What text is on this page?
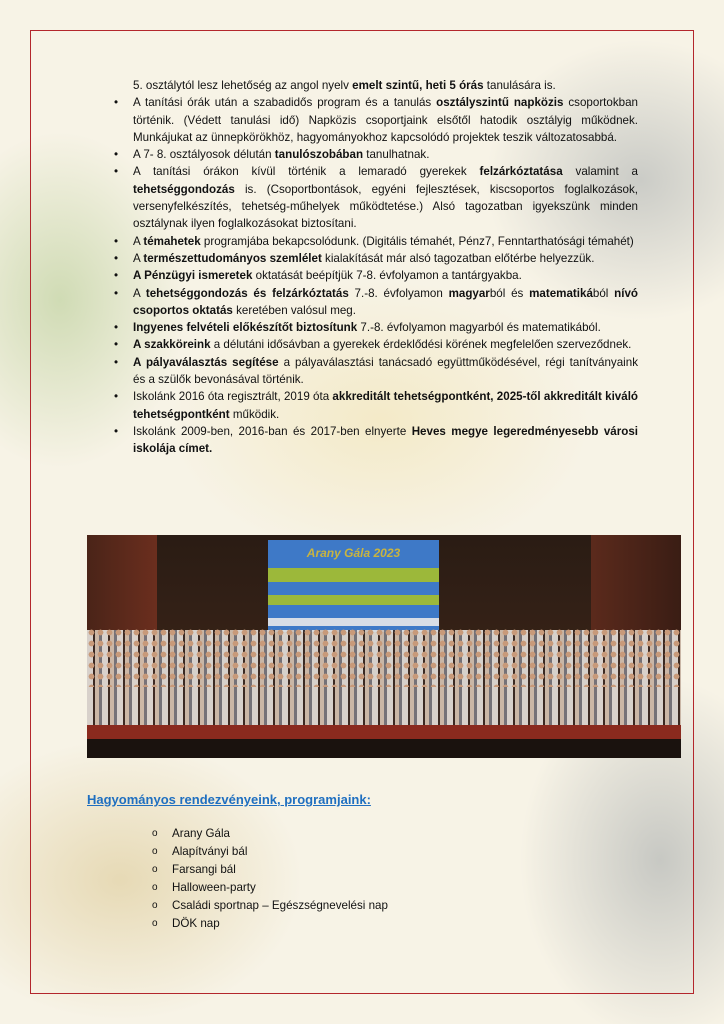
5. osztálytól lesz lehetőség az angol nyelv emelt szintű, heti 5 órás tanulására is.

• A tanítási órák után a szabadidős program és a tanulás osztályszintű napközis csoportokban történik. (Védett tanulási idő) Napközis csoportjaink elsőtől hatodik osztályig működnek. Munkájukat az ünnepkörökhöz, hagyományokhoz kapcsolódó projektek teszik változatosabbá.
• A 7- 8. osztályosok délután tanulószobában tanulhatnak.
• A tanítási órákon kívül történik a lemaradó gyerekek felzárkóztatása valamint a tehetséggondozás is. (Csoportbontások, egyéni fejlesztések, kiscsoportos foglalkozások, versenyfelkészítés, tehetség-műhelyek működtetése.) Alsó tagozatban igyekszünk minden osztálynak ilyen foglalkozásokat biztosítani.
• A témahetek programjába bekapcsolódunk. (Digitális témahét, Pénz7, Fenntarthatósági témahét)
• A természettudományos szemlélet kialakítását már alsó tagozatban előtérbe helyezzük.
• A Pénzügyi ismeretek oktatását beépítjük 7-8. évfolyamon a tantárgyakba.
• A tehetséggondozás és felzárkóztatás 7.-8. évfolyamon magyarból és matematikából nívó csoportos oktatás keretében valósul meg.
• Ingyenes felvételi előkészítőt biztosítunk 7.-8. évfolyamon magyarból és matematikából.
• A szakköreink a délutáni idősávban a gyerekek érdeklődési körének megfelelően szerveződnek.
• A pályaválasztás segítése a pályaválasztási tanácsadó együttműködésével, régi tanítványaink és a szülők bevonásával történik.
• Iskolánk 2016 óta regisztrált, 2019 óta akkreditált tehetségpontként, 2025-től akkreditált kiváló tehetségpontként működik.
• Iskolánk 2009-ben, 2016-ban és 2017-ben elnyerte Heves megye legeredményesebb városi iskolája címet.
Arany Gála 2023
Hagyományos rendezvényeink, programjaink:
o Arany Gála
o Alapítványi bál
o Farsangi bál
o Halloween-party
o Családi sportnap – Egészségnevelési nap
o DÖK nap
